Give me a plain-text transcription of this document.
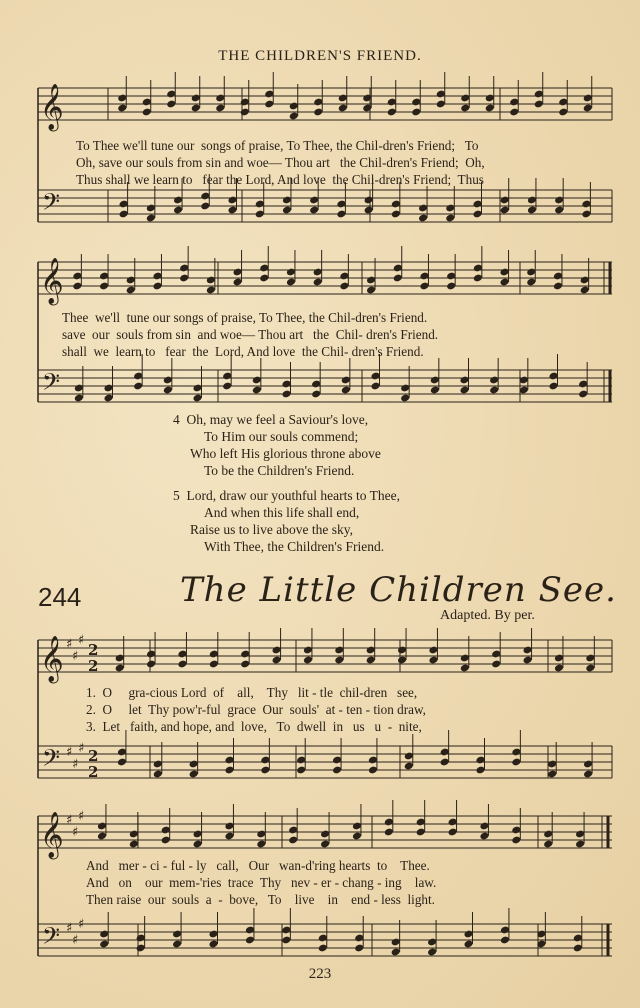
THE CHILDREN'S FRIEND.
𝄞
𝄢
𝄞
𝄢
𝄞
𝄢
𝄞
𝄢
♯
♯
♯
♯
♯
♯
♯
♯
♯
♯
♯
♯
2
2
2
2
To Thee we'll tune our  songs of praise, To Thee, the Chil-dren's Friend;   To
Oh, save our souls from sin and woe— Thou art   the Chil-dren's Friend;  Oh,
Thus shall we learn to   fear the Lord, And love  the Chil-dren's Friend;  Thus
Thee  we'll  tune our songs of praise, To Thee, the Chil-dren's Friend.
save  our  souls from sin  and woe— Thou art   the  Chil- dren's Friend.
shall  we  learn to   fear  the  Lord, And love  the Chil- dren's Friend.
4  Oh, may we feel a Saviour's love,
To Him our souls commend;
Who left His glorious throne above
To be the Children's Friend.
5  Lord, draw our youthful hearts to Thee,
And when this life shall end,
Raise us to live above the sky,
With Thee, the Children's Friend.
244	The Little Children See.
Adapted. By per.
1.  O     gra-cious Lord  of    all,    Thy   lit - tle  chil-dren   see,
2.  O     let  Thy pow'r-ful  grace  Our  souls'  at - ten - tion draw,
3.  Let   faith, and hope, and  love,   To  dwell  in   us   u  -  nite,
And   mer - ci - ful - ly   call,   Our   wan-d'ring hearts  to    Thee.
And   on    our  mem-'ries  trace  Thy   nev - er - chang - ing    law.
Then raise  our  souls  a  -  bove,   To    live    in    end - less  light.
223
